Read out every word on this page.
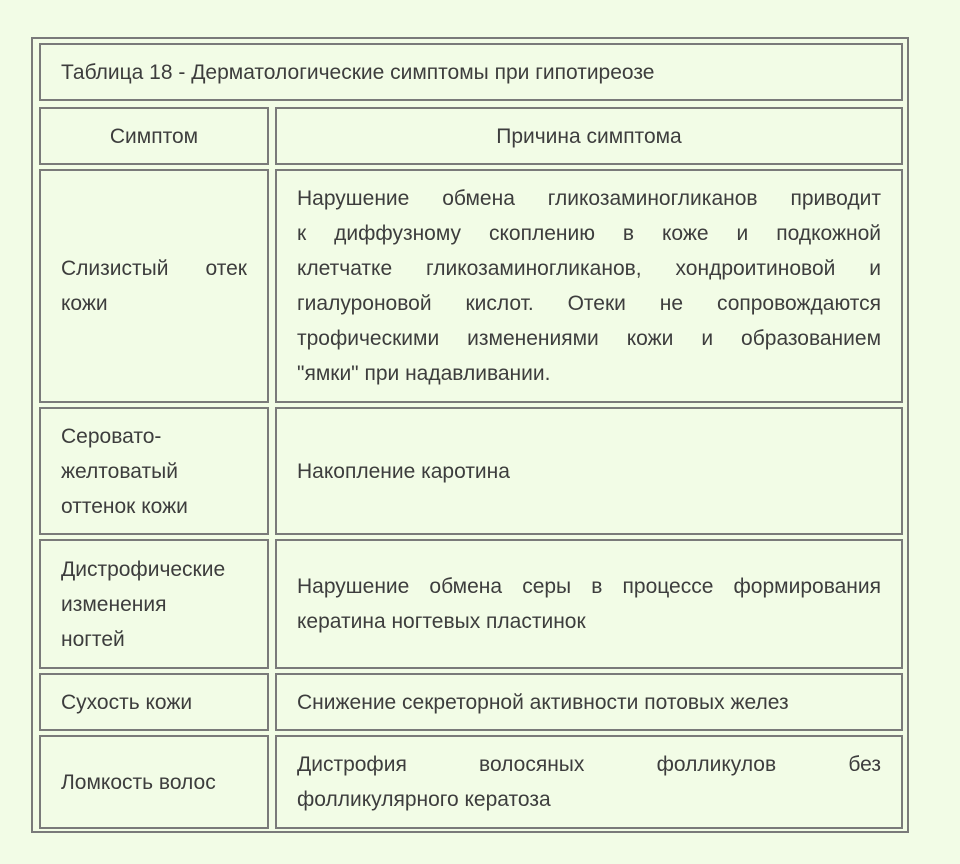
Таблица 18 - Дерматологические симптомы при гипотиреозе
Симптом	Причина симптома
Слизистый отек
кожи
Нарушение обмена гликозаминогликанов приводит
к диффузному скоплению в коже и подкожной
клетчатке гликозаминогликанов, хондроитиновой и
гиалуроновой кислот. Отеки не сопровождаются
трофическими изменениями кожи и образованием
"ямки" при надавливании.
Серовато-
желтоватый
оттенок кожи
Накопление каротина
Дистрофические
изменения
ногтей
Нарушение обмена серы в процессе формирования
кератина ногтевых пластинок
Сухость кожи	Снижение секреторной активности потовых желез
Ломкость волос
Дистрофия волосяных фолликулов без
фолликулярного кератоза
